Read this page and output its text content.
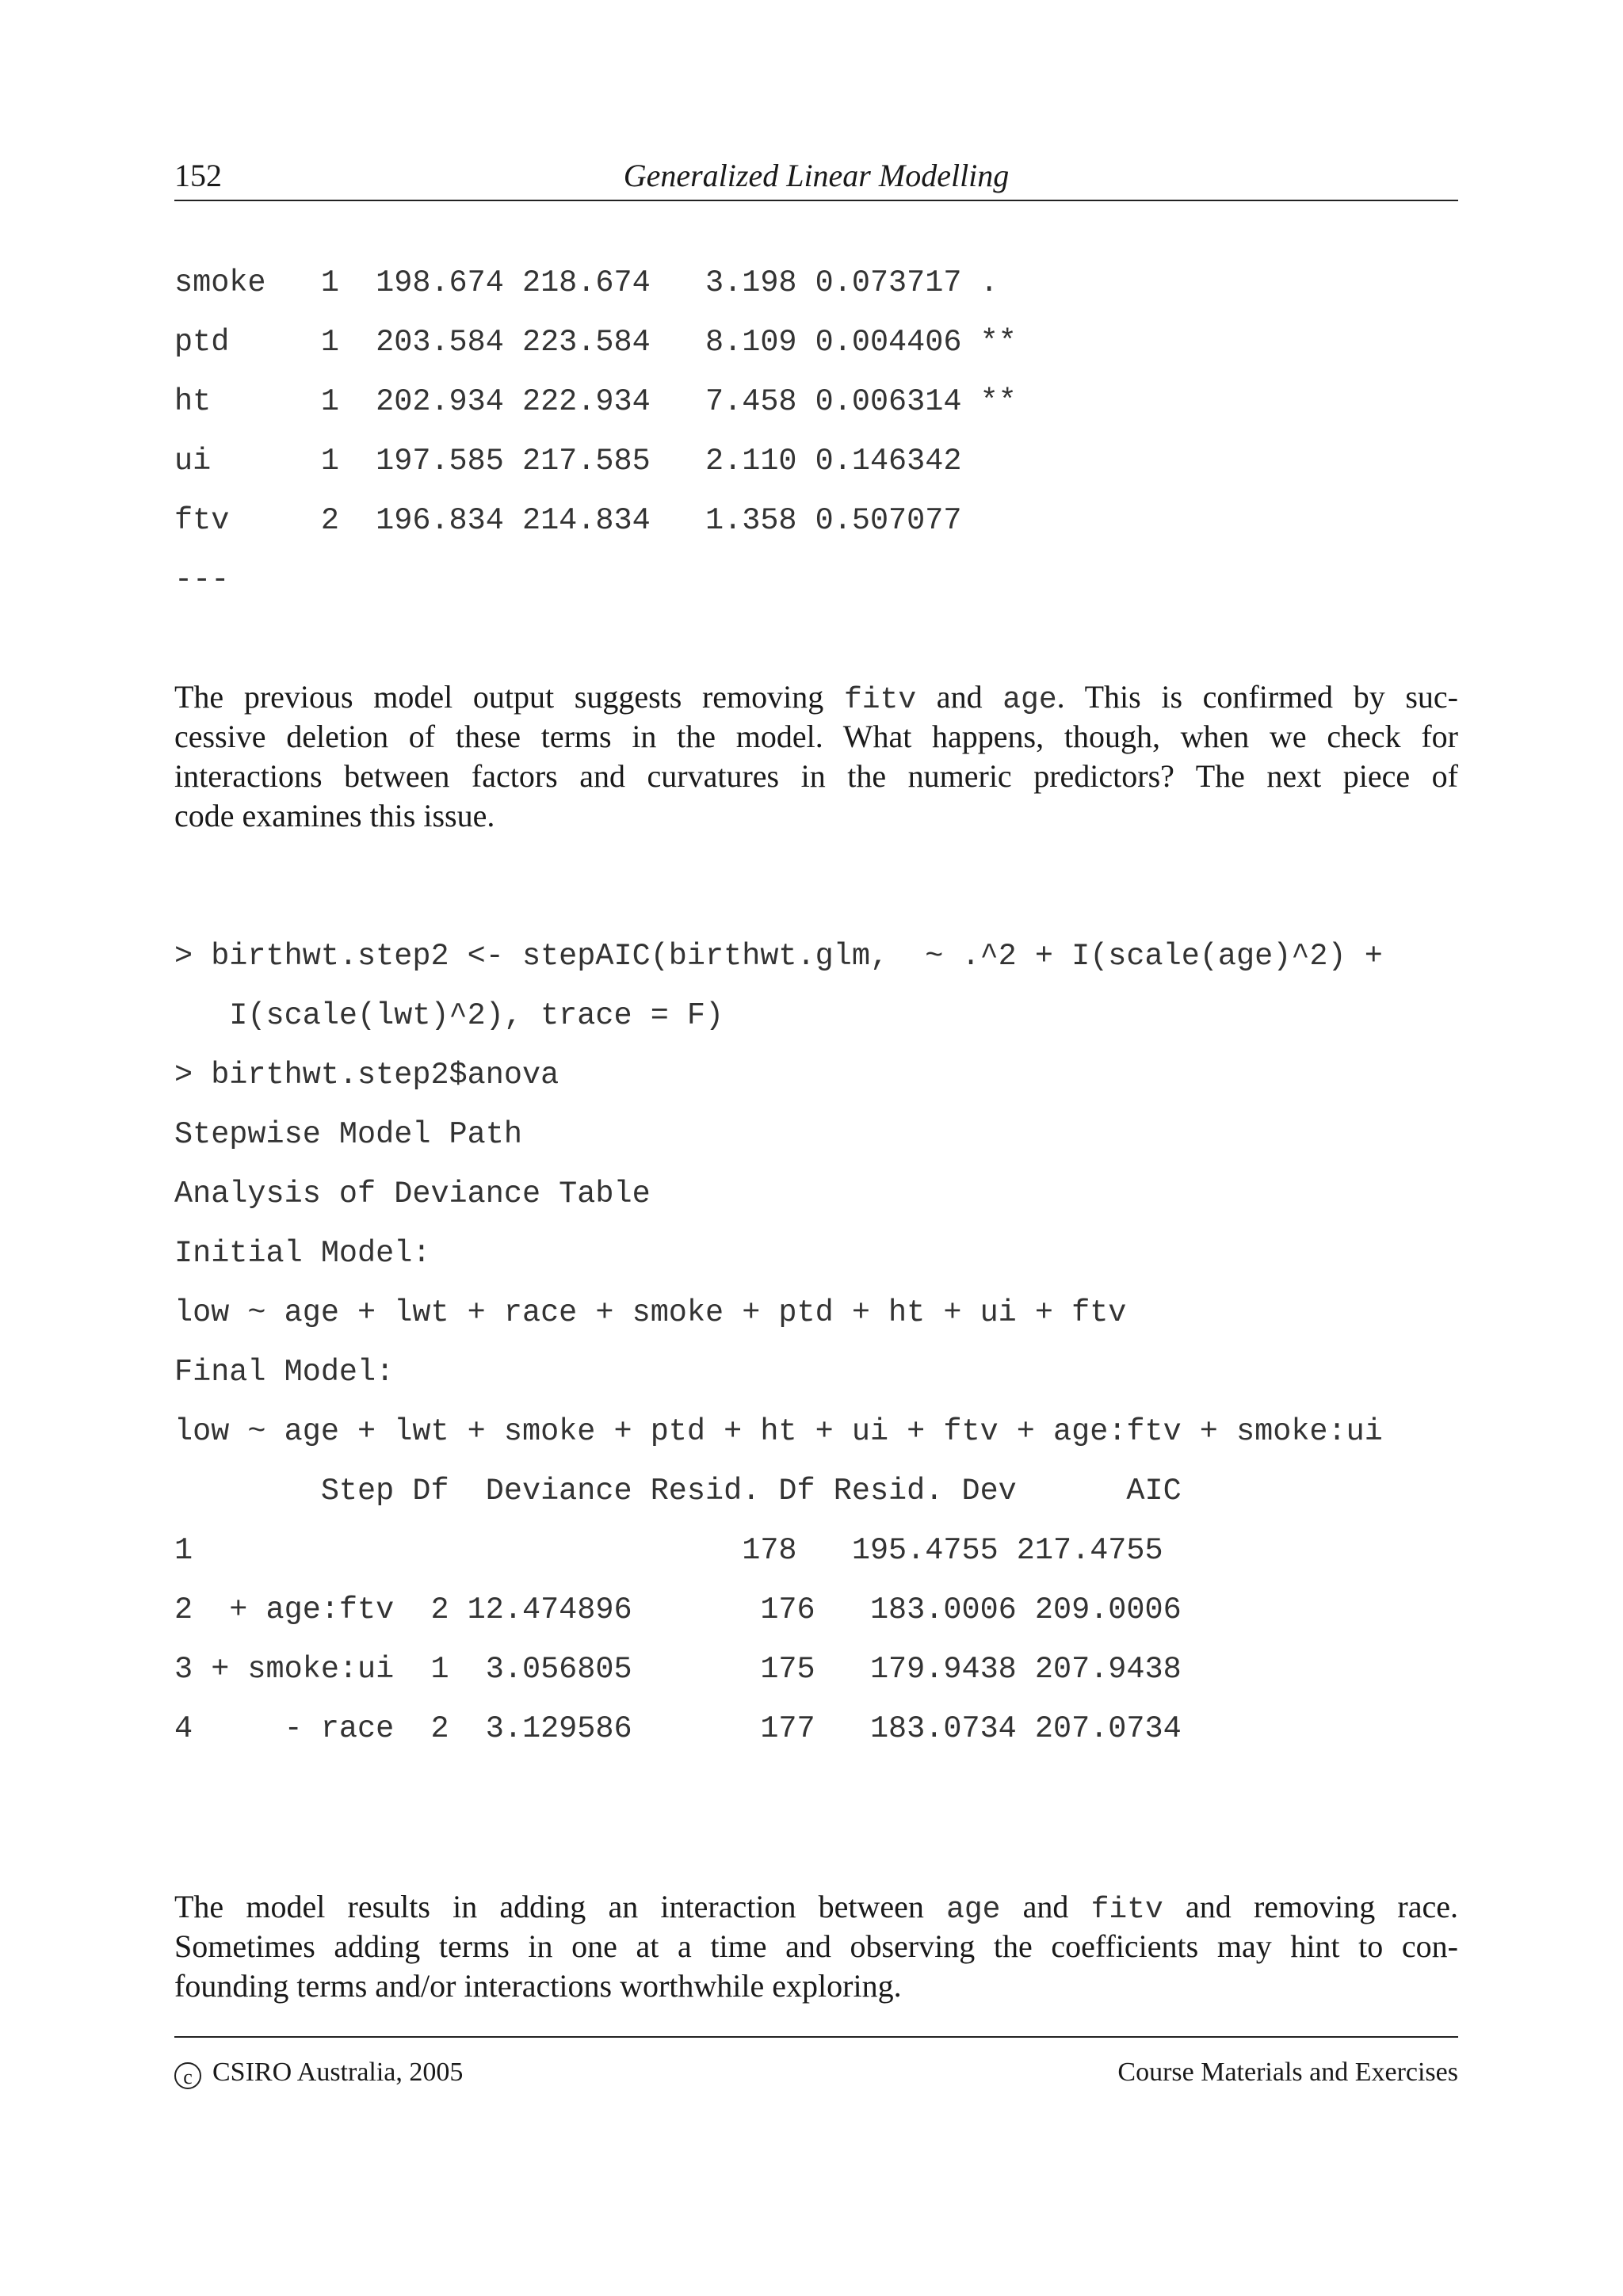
152	Generalized Linear Modelling
smoke   1  198.674 218.674   3.198 0.073717 .
ptd     1  203.584 223.584   8.109 0.004406 **
ht      1  202.934 222.934   7.458 0.006314 **
ui      1  197.585 217.585   2.110 0.146342
ftv     2  196.834 214.834   1.358 0.507077
---
The previous model output suggests removing fitv and age. This is confirmed by suc-
cessive deletion of these terms in the model. What happens, though, when we check for
interactions between factors and curvatures in the numeric predictors? The next piece of
code examines this issue.
> birthwt.step2 <- stepAIC(birthwt.glm,  ~ .^2 + I(scale(age)^2) +
I(scale(lwt)^2), trace = F)
> birthwt.step2$anova
Stepwise Model Path
Analysis of Deviance Table
Initial Model:
low ~ age + lwt + race + smoke + ptd + ht + ui + ftv
Final Model:
low ~ age + lwt + smoke + ptd + ht + ui + ftv + age:ftv + smoke:ui
Step Df  Deviance Resid. Df Resid. Dev      AIC
1                              178   195.4755 217.4755
2  + age:ftv  2 12.474896       176   183.0006 209.0006
3 + smoke:ui  1  3.056805       175   179.9438 207.9438
4     - race  2  3.129586       177   183.0734 207.0734
The model results in adding an interaction between age and fitv and removing race.
Sometimes adding terms in one at a time and observing the coefficients may hint to con-
founding terms and/or interactions worthwhile exploring.
c CSIRO Australia, 2005	Course Materials and Exercises
